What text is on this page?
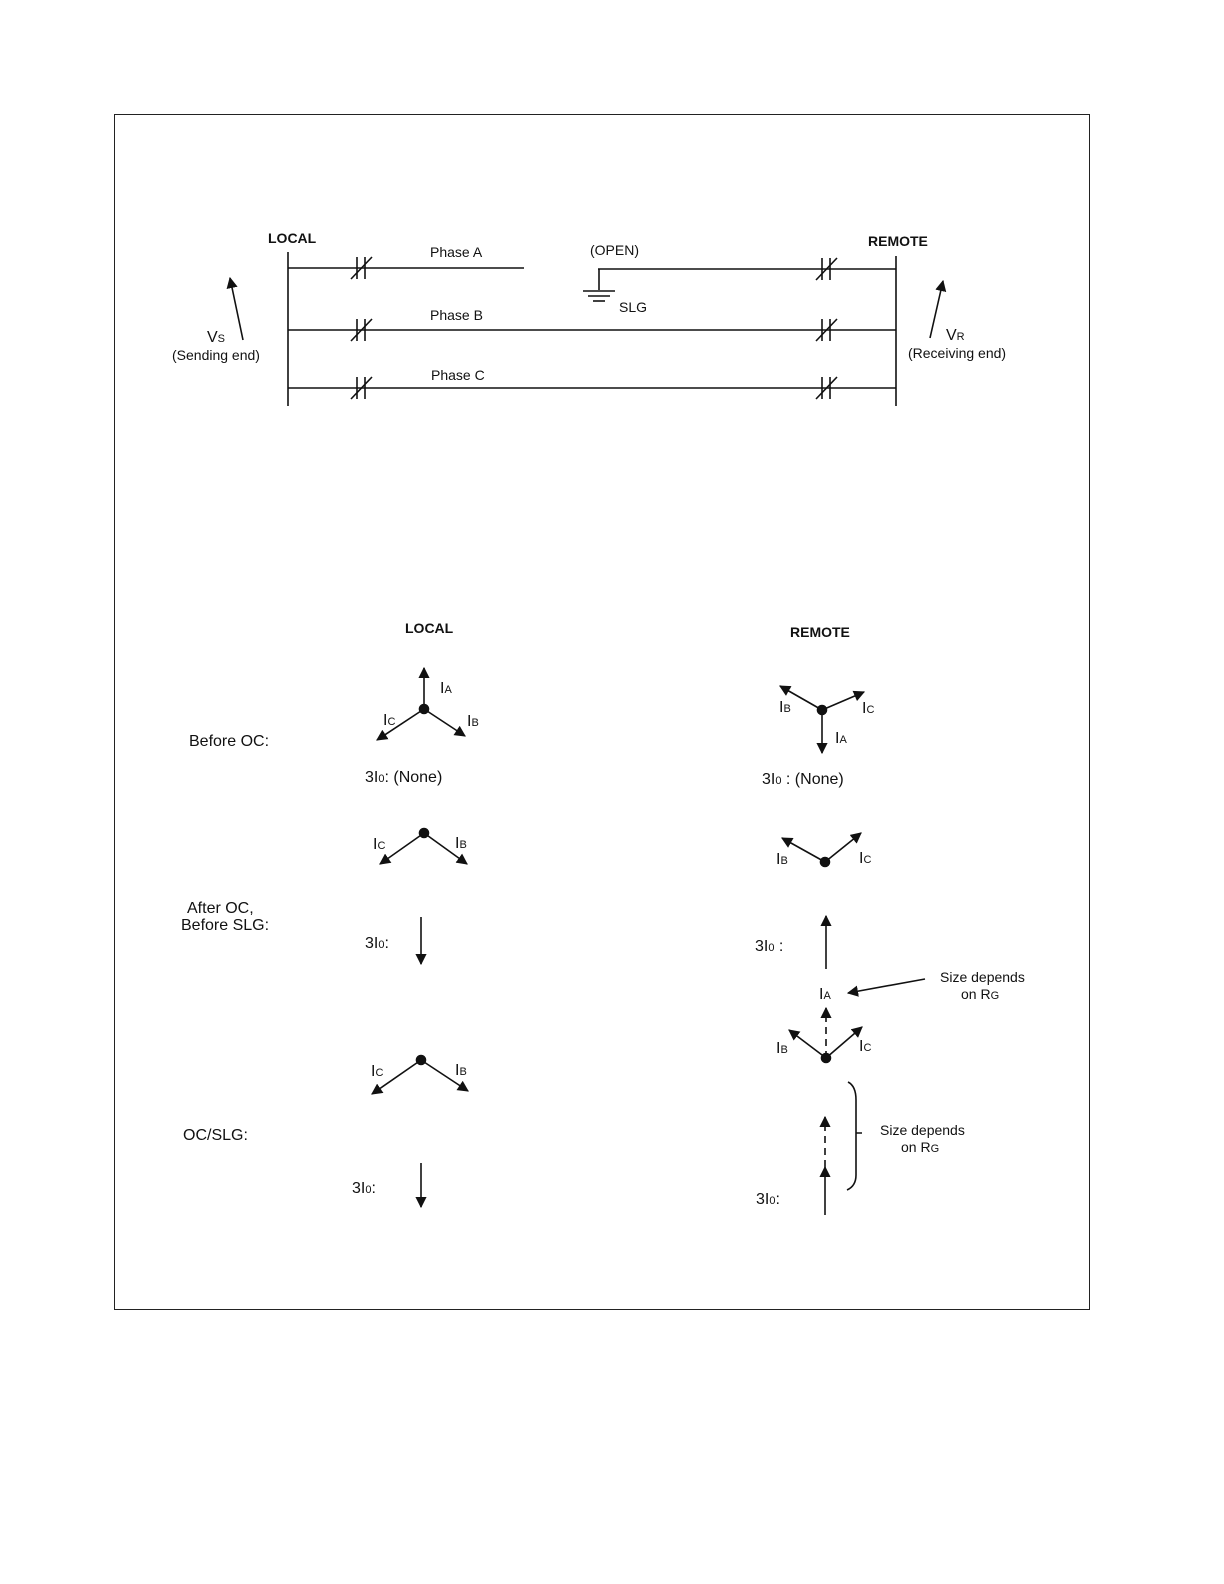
LOCAL	REMOTE
Phase A
Phase B
Phase C
(OPEN)
SLG
VS
(Sending end)
VR
(Receiving end)
LOCAL	REMOTE
Before OC:
After OC,
Before SLG:
OC/SLG:
IA
IC	IB
3I0: (None)
IB	IC
IA
3I0 : (None)
IC	IB
3I0:
IB	IC
3I0 :
IA
Size depends
on RG
IC	IB
3I0:
IB	IC
Size depends
on RG
3I0:
